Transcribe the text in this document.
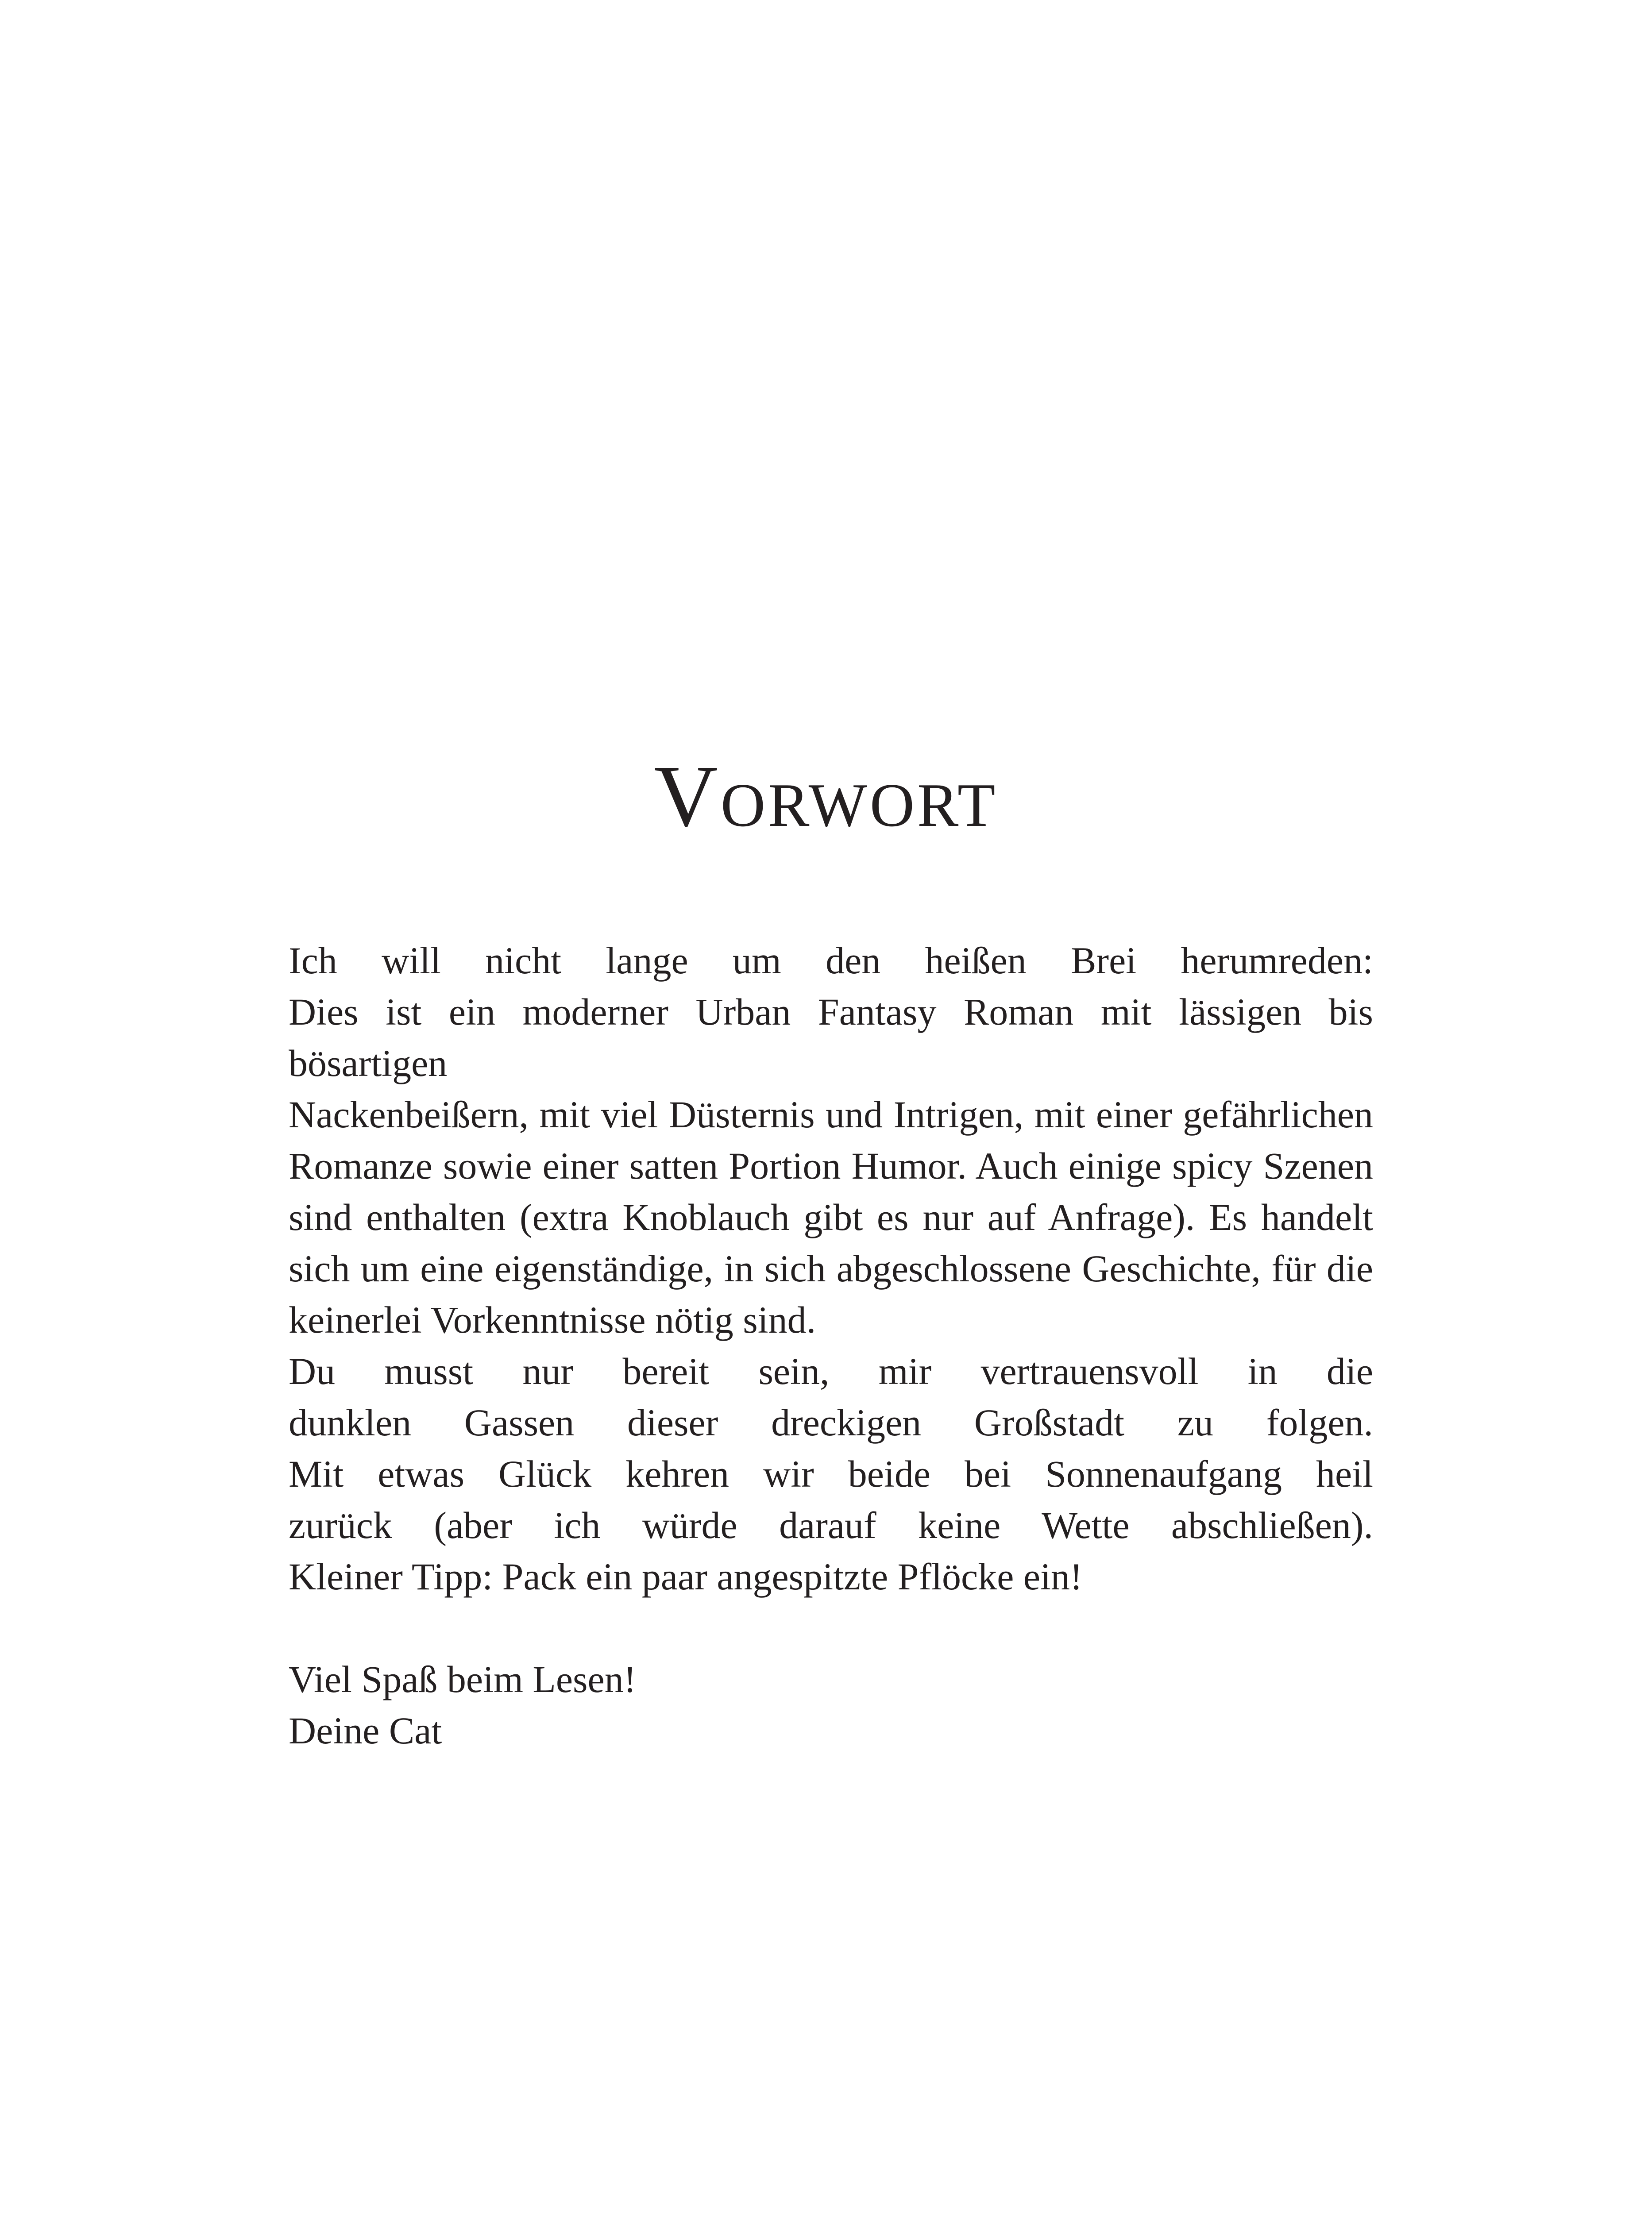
Vorwort
Ich will nicht lange um den heißen Brei herumreden:
Dies ist ein moderner Urban Fantasy Roman mit lässigen bis bösartigen
Nackenbeißern, mit viel Düsternis und Intrigen, mit einer gefährlichen
Romanze sowie einer satten Portion Humor. Auch einige spicy Szenen
sind enthalten (extra Knoblauch gibt es nur auf Anfrage). Es handelt
sich um eine eigenständige, in sich abgeschlossene Geschichte, für die
keinerlei Vorkenntnisse nötig sind.
Du musst nur bereit sein, mir vertrauensvoll in die
dunklen Gassen dieser dreckigen Großstadt zu folgen.
Mit etwas Glück kehren wir beide bei Sonnenaufgang heil
zurück (aber ich würde darauf keine Wette abschließen).
Kleiner Tipp: Pack ein paar angespitzte Pflöcke ein!
Viel Spaß beim Lesen!
Deine Cat
